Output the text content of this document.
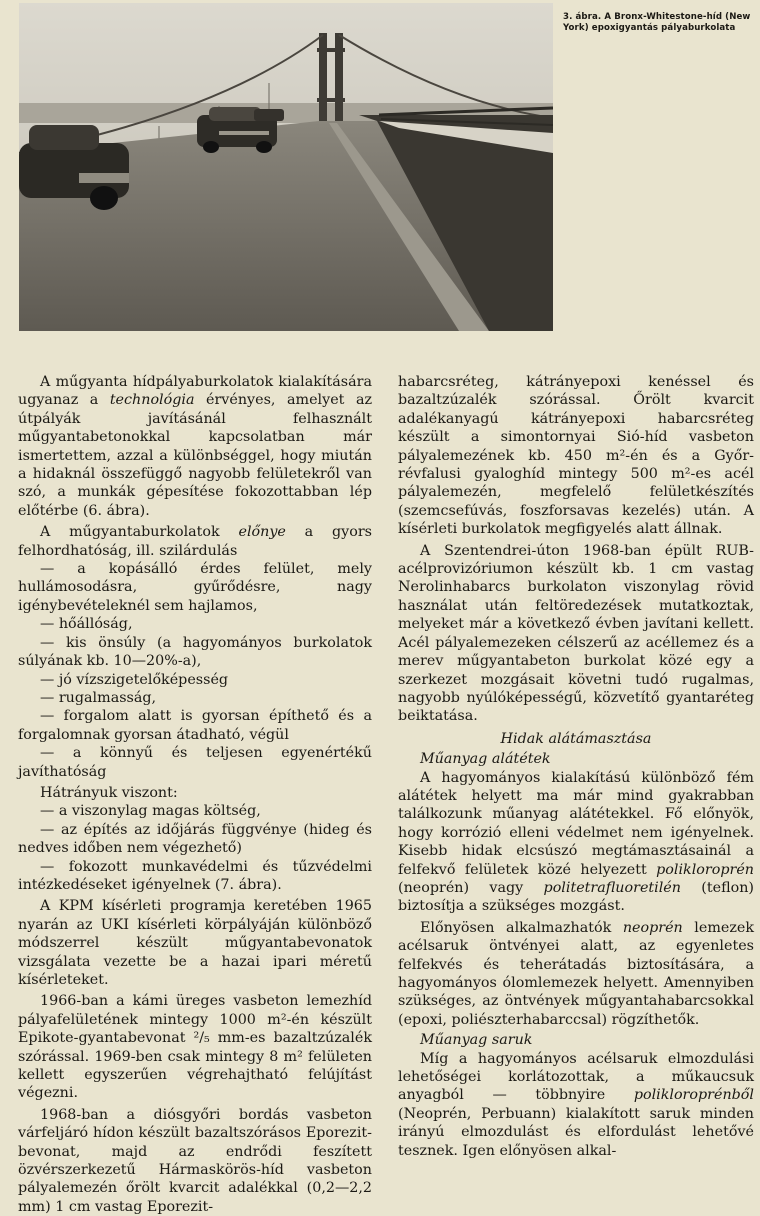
3. ábra. A Bronx-Whitestone-híd (New York) epoxigyantás pályaburkolata

A műgyanta hídpályaburkolatok kialakítására ugyanaz a technológia érvényes, amelyet az útpályák javításánál felhasznált műgyantabetonokkal kapcsolatban már ismertettem, azzal a különbséggel, hogy miután a hidaknál összefüggő nagyobb felületekről van szó, a munkák gépesítése fokozottabban lép előtérbe (6. ábra).

A műgyantaburkolatok előnye a gyors felhordhatóság, ill. szilárdulás

— a kopásálló érdes felület, mely hullámosodásra, gyűrődésre, nagy igénybevételeknél sem hajlamos,

— hőállóság,

— kis önsúly (a hagyományos burkolatok súlyának kb. 10—20%-a),

— jó vízszigetelőképesség

— rugalmasság,

— forgalom alatt is gyorsan építhető és a forgalomnak gyorsan átadható, végül

— a könnyű és teljesen egyenértékű javíthatóság

Hátrányuk viszont:

— a viszonylag magas költség,

— az építés az időjárás függvénye (hideg és nedves időben nem végezhető)

— fokozott munkavédelmi és tűzvédelmi intézkedéseket igényelnek (7. ábra).

A KPM kísérleti programja keretében 1965 nyarán az UKI kísérleti körpályáján különböző módszerrel készült műgyantabevonatok vizsgálata vezette be a hazai ipari méretű kísérleteket.

1966-ban a kámi üreges vasbeton lemezhíd pályafelületének mintegy 1000 m²-én készült Epikote-gyantabevonat ²/₅ mm-es bazaltzúzalék szórással. 1969-ben csak mintegy 8 m² felületen kellett egyszerűen végrehajtható felújítást végezni.

1968-ban a diósgyőri bordás vasbeton várfeljáró hídon készült bazaltszórásos Eporezit-bevonat, majd az endrődi feszített özvérszerkezetű Hármaskörös-híd vasbeton pályalemezén őrölt kvarcit adalékkal (0,2—2,2 mm) 1 cm vastag Eporezit-

habarcsréteg, kátrányepoxi kenéssel és bazaltzúzalék szórással. Őrölt kvarcit adalékanyagú kátrányepoxi habarcsréteg készült a simontornyai Sió-híd vasbeton pályalemezének kb. 450 m²-én és a Győr-révfalusi gyaloghíd mintegy 500 m²-es acél pályalemezén, megfelelő felületkészítés (szemcsefúvás, foszforsavas kezelés) után. A kísérleti burkolatok megfigyelés alatt állnak.

A Szentendrei-úton 1968-ban épült RUB-acélprovizóriumon készült kb. 1 cm vastag Nerolinhabarcs burkolaton viszonylag rövid használat után feltöredezések mutatkoztak, melyeket már a következő évben javítani kellett. Acél pályalemezeken célszerű az acéllemez és a merev műgyantabeton burkolat közé egy a szerkezet mozgásait követni tudó rugalmas, nagyobb nyúlóképességű, közvetítő gyantaréteg beiktatása.

Hidak alátámasztása

Műanyag alátétek

A hagyományos kialakítású különböző fém alátétek helyett ma már mind gyakrabban találkozunk műanyag alátétekkel. Fő előnyök, hogy korrózió elleni védelmet nem igényelnek. Kisebb hidak elcsúszó megtámasztásainál a felfekvő felületek közé helyezett polikloroprén (neoprén) vagy politetrafluoretilén (teflon) biztosítja a szükséges mozgást.

Előnyösen alkalmazhatók neoprén lemezek acélsaruk öntvényei alatt, az egyenletes felfekvés és teherátadás biztosítására, a hagyományos ólomlemezek helyett. Amennyiben szükséges, az öntvények műgyantahabarcsokkal (epoxi, poliészterhabarccsal) rögzíthetők.

Műanyag saruk

Míg a hagyományos acélsaruk elmozdulási lehetőségei korlátozottak, a műkaucsuk anyagból — többnyire polikloroprénből (Neoprén, Perbuann) kialakított saruk minden irányú elmozdulást és elfordulást lehetővé tesznek. Igen előnyösen alkal-
